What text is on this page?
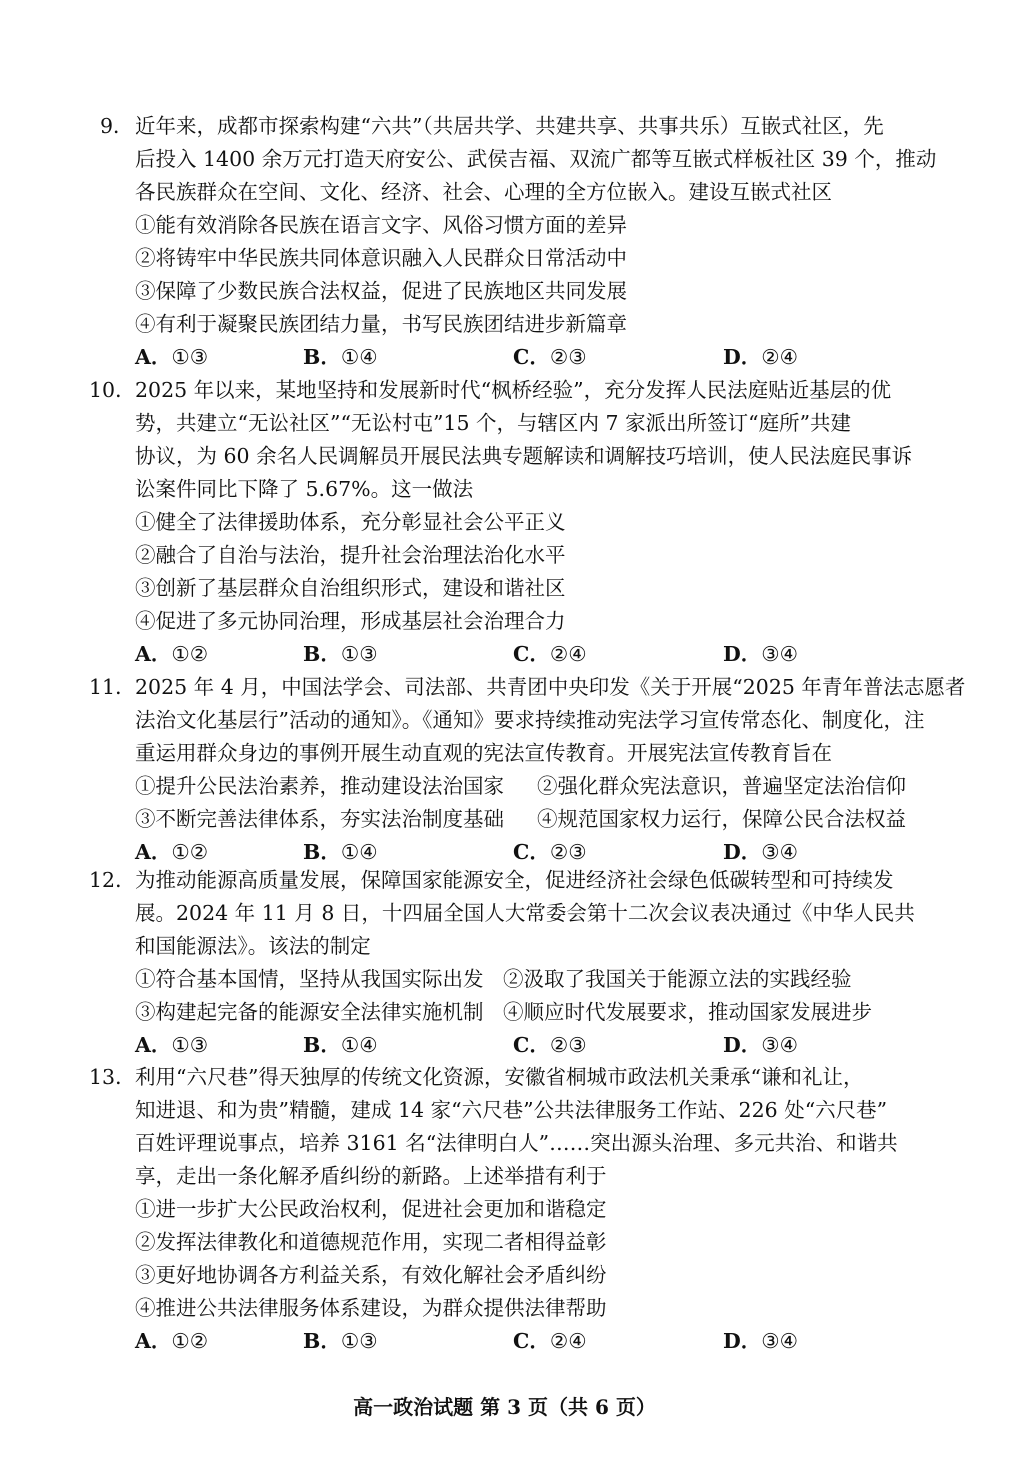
9． 近年来，成都市探索构建“六共”（共居共学、共建共享、共事共乐）互嵌式社区，先
后投入 1400 余万元打造天府安公、武侯吉福、双流广都等互嵌式样板社区 39 个，推动
各民族群众在空间、文化、经济、社会、心理的全方位嵌入。建设互嵌式社区
①能有效消除各民族在语言文字、风俗习惯方面的差异
②将铸牢中华民族共同体意识融入人民群众日常活动中
③保障了少数民族合法权益，促进了民族地区共同发展
④有利于凝聚民族团结力量，书写民族团结进步新篇章
A．①③	B．①④	C．②③	D．②④
10． 2025 年以来，某地坚持和发展新时代“枫桥经验”，充分发挥人民法庭贴近基层的优
势，共建立“无讼社区”“无讼村屯”15 个，与辖区内 7 家派出所签订“庭所”共建
协议，为 60 余名人民调解员开展民法典专题解读和调解技巧培训，使人民法庭民事诉
讼案件同比下降了 5.67%。这一做法
①健全了法律援助体系，充分彰显社会公平正义
②融合了自治与法治，提升社会治理法治化水平
③创新了基层群众自治组织形式，建设和谐社区
④促进了多元协同治理，形成基层社会治理合力
A．①②	B．①③	C．②④	D．③④
11． 2025 年 4 月，中国法学会、司法部、共青团中央印发《关于开展“2025 年青年普法志愿者
法治文化基层行”活动的通知》。《通知》要求持续推动宪法学习宣传常态化、制度化，注
重运用群众身边的事例开展生动直观的宪法宣传教育。开展宪法宣传教育旨在
①提升公民法治素养，推动建设法治国家 ②强化群众宪法意识，普遍坚定法治信仰
③不断完善法律体系，夯实法治制度基础 ④规范国家权力运行，保障公民合法权益
A．①②	B．①④	C．②③	D．③④
12． 为推动能源高质量发展，保障国家能源安全，促进经济社会绿色低碳转型和可持续发
展。2024 年 11 月 8 日，十四届全国人大常委会第十二次会议表决通过《中华人民共
和国能源法》。该法的制定
①符合基本国情，坚持从我国实际出发 ②汲取了我国关于能源立法的实践经验
③构建起完备的能源安全法律实施机制 ④顺应时代发展要求，推动国家发展进步
A．①③	B．①④	C．②③	D．③④
13． 利用“六尺巷”得天独厚的传统文化资源，安徽省桐城市政法机关秉承“谦和礼让，
知进退、和为贵”精髓，建成 14 家“六尺巷”公共法律服务工作站、226 处“六尺巷”
百姓评理说事点，培养 3161 名“法律明白人”……突出源头治理、多元共治、和谐共
享，走出一条化解矛盾纠纷的新路。上述举措有利于
①进一步扩大公民政治权利，促进社会更加和谐稳定
②发挥法律教化和道德规范作用，实现二者相得益彰
③更好地协调各方利益关系，有效化解社会矛盾纠纷
④推进公共法律服务体系建设，为群众提供法律帮助
A．①②	B．①③	C．②④	D．③④
高一政治试题 第 3 页（共 6 页）
